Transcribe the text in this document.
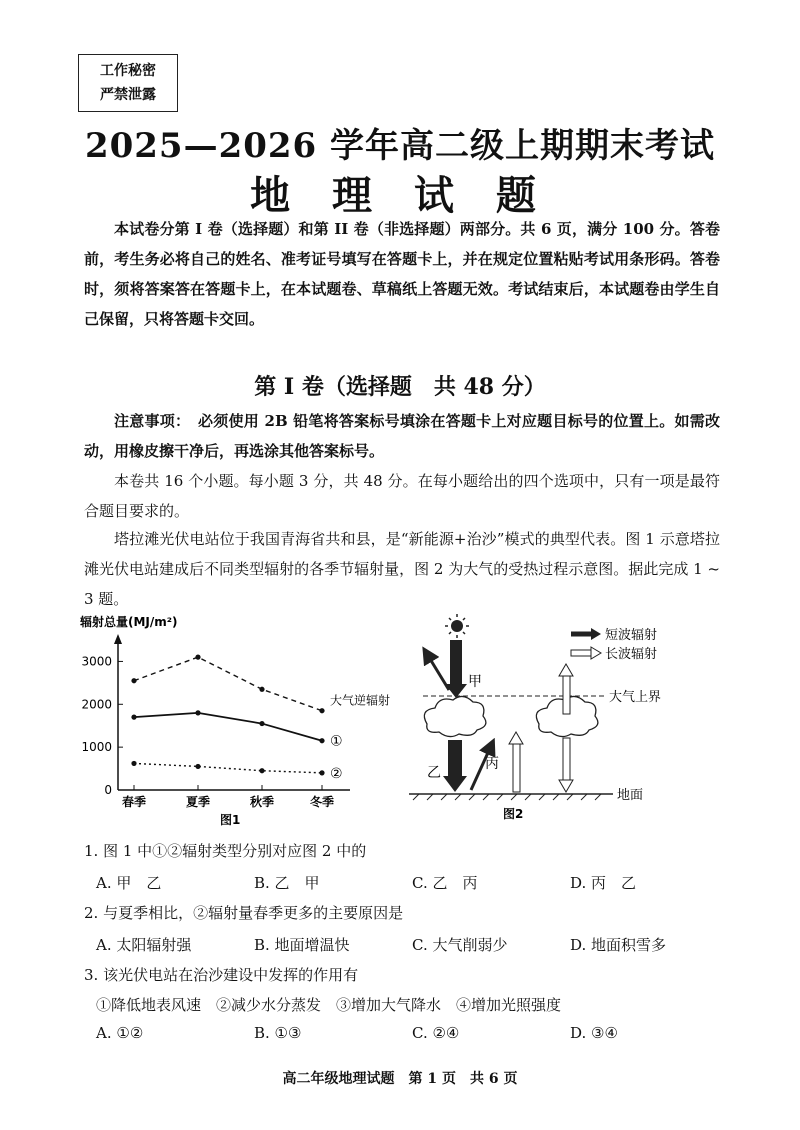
工作秘密
严禁泄露
2025—2026 学年高二级上期期末考试
地 理 试 题
本试卷分第 I 卷（选择题）和第 II 卷（非选择题）两部分。共 6 页，满分 100 分。答卷前，考生务必将自己的姓名、准考证号填写在答题卡上，并在规定位置粘贴考试用条形码。答卷时，须将答案答在答题卡上，在本试题卷、草稿纸上答题无效。考试结束后，本试题卷由学生自己保留，只将答题卡交回。
第 I 卷（选择题　共 48 分）
注意事项：　必须使用 2B 铅笔将答案标号填涂在答题卡上对应题目标号的位置上。如需改动，用橡皮擦干净后，再选涂其他答案标号。
本卷共 16 个小题。每小题 3 分，共 48 分。在每小题给出的四个选项中，只有一项是最符合题目要求的。
塔拉滩光伏电站位于我国青海省共和县，是“新能源+治沙”模式的典型代表。图 1 示意塔拉滩光伏电站建成后不同类型辐射的各季节辐射量，图 2 为大气的受热过程示意图。据此完成 1 ~ 3 题。
辐射总量(MJ/m²)
0
1000
2000
3000
春季	夏季	秋季	冬季
大气逆辐射
①
②
图1
短波辐射
长波辐射
大气上界
甲
乙
丙
地面
图2
1. 图 1 中①②辐射类型分别对应图 2 中的
A. 甲　乙	B. 乙　甲	C. 乙　丙	D. 丙　乙
2. 与夏季相比，②辐射量春季更多的主要原因是
A. 太阳辐射强	B. 地面增温快	C. 大气削弱少	D. 地面积雪多
3. 该光伏电站在治沙建设中发挥的作用有
①降低地表风速　②减少水分蒸发　③增加大气降水　④增加光照强度
A. ①②	B. ①③	C. ②④	D. ③④
高二年级地理试题　第 1 页　共 6 页
